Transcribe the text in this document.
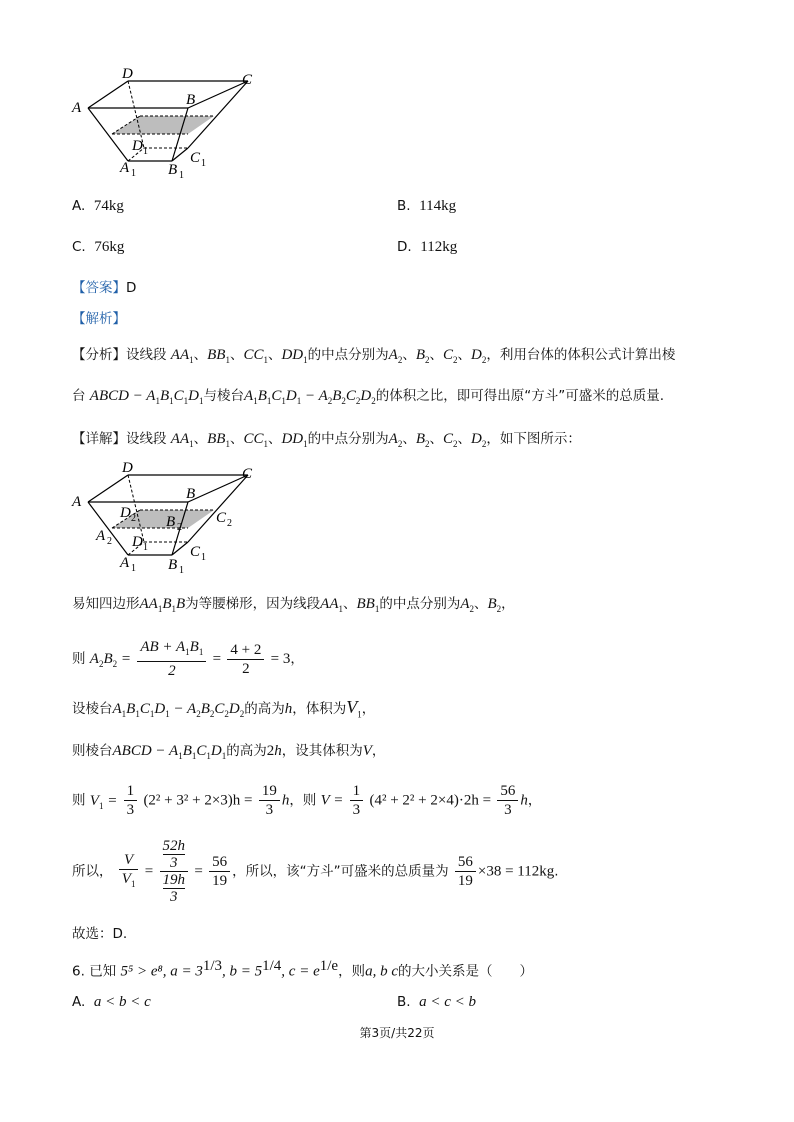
A
D
B
C
D 1	C 1
A 1 B 1
A. 74kg	B. 114kg
C. 76kg	D. 112kg
【答案】D
【解析】
【分析】设线段 $AA_1$、$BB_1$、$CC_1$、$DD_1$的中点分别为$A_2$、$B_2$、$C_2$、$D_2$，利用台体的体积公式计算出棱
台 ABCD − $A_1B_1C_1D_1$与棱台$A_1B_1C_1D_1 - A_2B_2C_2D_2$的体积之比，即可得出原“方斗”可盛米的总质量.
【详解】设线段 $AA_1$、$BB_1$、$CC_1$、$DD_1$的中点分别为$A_2$、$B_2$、$C_2$、$D_2$，如下图所示：
A
D
B
C
D 2 B 2
C 2
A 2 D 1	C 1
A 1 B 1
易知四边形$AA_1B_1B$为等腰梯形，因为线段$AA_1$、$BB_1$的中点分别为$A_2$、$B_2$，
则 $A_2B_2 = \frac{AB + A_1B_1}{2} = \frac{4 + 2}{2} = 3$，
设棱台$A_1B_1C_1D_1 - A_2B_2C_2D_2$的高为h，体积为$V_1$，
则棱台ABCD − $A_1B_1C_1D_1$的高为2h，设其体积为V，
则 $V_1 = \frac{1}{3} (2^2 + 3^2 + 2\times 3)h = \frac{19}{3}$ h，则 $V = \frac{1}{3} (4^2 + 2^2 + 2\times 4)\cdot 2h = \frac{56}{3}$ h，
所以， $\frac{V}{V_1} = 52h$
3
19h
$3 = \frac{56}{19}$ ，所以，该“方斗”可盛米的总质量为 $\frac{56}{19} \times 38 = 112kg$.
故选：D.
6. 已知 5⁵ > e⁸, $a = 3^{1/3}$, $b = 5^{1/4}$, $c = e^{1/e}$，则a, b c的大小关系是（　　）
A. a < b < c	B. a < c < b
第3页/共22页
